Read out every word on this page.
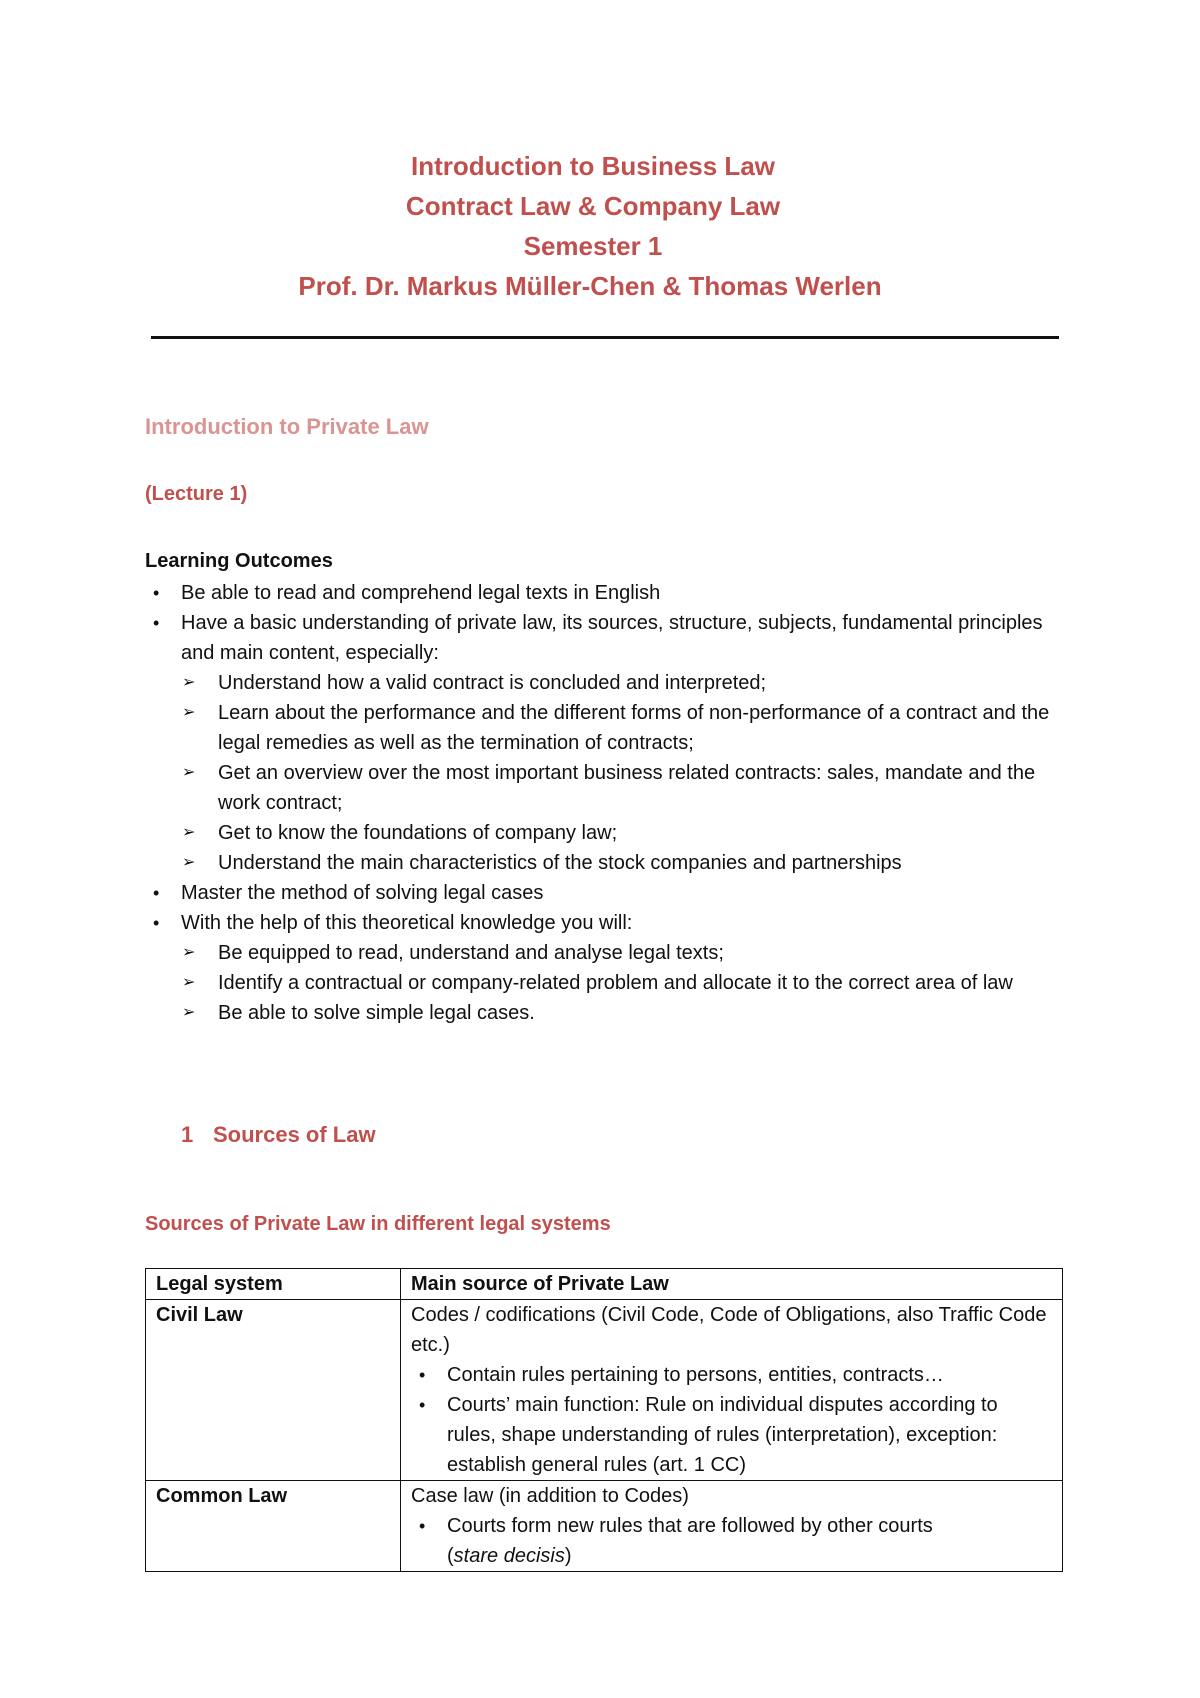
Introduction to Business Law
Contract Law & Company Law
Semester 1
Prof. Dr. Markus Müller-Chen & Thomas Werlen
Introduction to Private Law
(Lecture 1)
Learning Outcomes
• Be able to read and comprehend legal texts in English
• Have a basic understanding of private law, its sources, structure, subjects, fundamental principles and main content, especially:
➢ Understand how a valid contract is concluded and interpreted;
➢ Learn about the performance and the different forms of non-performance of a contract and the legal remedies as well as the termination of contracts;
➢ Get an overview over the most important business related contracts: sales, mandate and the work contract;
➢ Get to know the foundations of company law;
➢ Understand the main characteristics of the stock companies and partnerships
• Master the method of solving legal cases
• With the help of this theoretical knowledge you will:
➢ Be equipped to read, understand and analyse legal texts;
➢ Identify a contractual or company-related problem and allocate it to the correct area of law
➢ Be able to solve simple legal cases.
1 Sources of Law
Sources of Private Law in different legal systems
Legal system	Main source of Private Law
Civil Law	Codes / codifications (Civil Code, Code of Obligations, also Traffic Code etc.)
• Contain rules pertaining to persons, entities, contracts…
• Courts’ main function: Rule on individual disputes according to rules, shape understanding of rules (interpretation), exception: establish general rules (art. 1 CC)

Common Law	Case law (in addition to Codes)
• Courts form new rules that are followed by other courts
(stare decisis)
